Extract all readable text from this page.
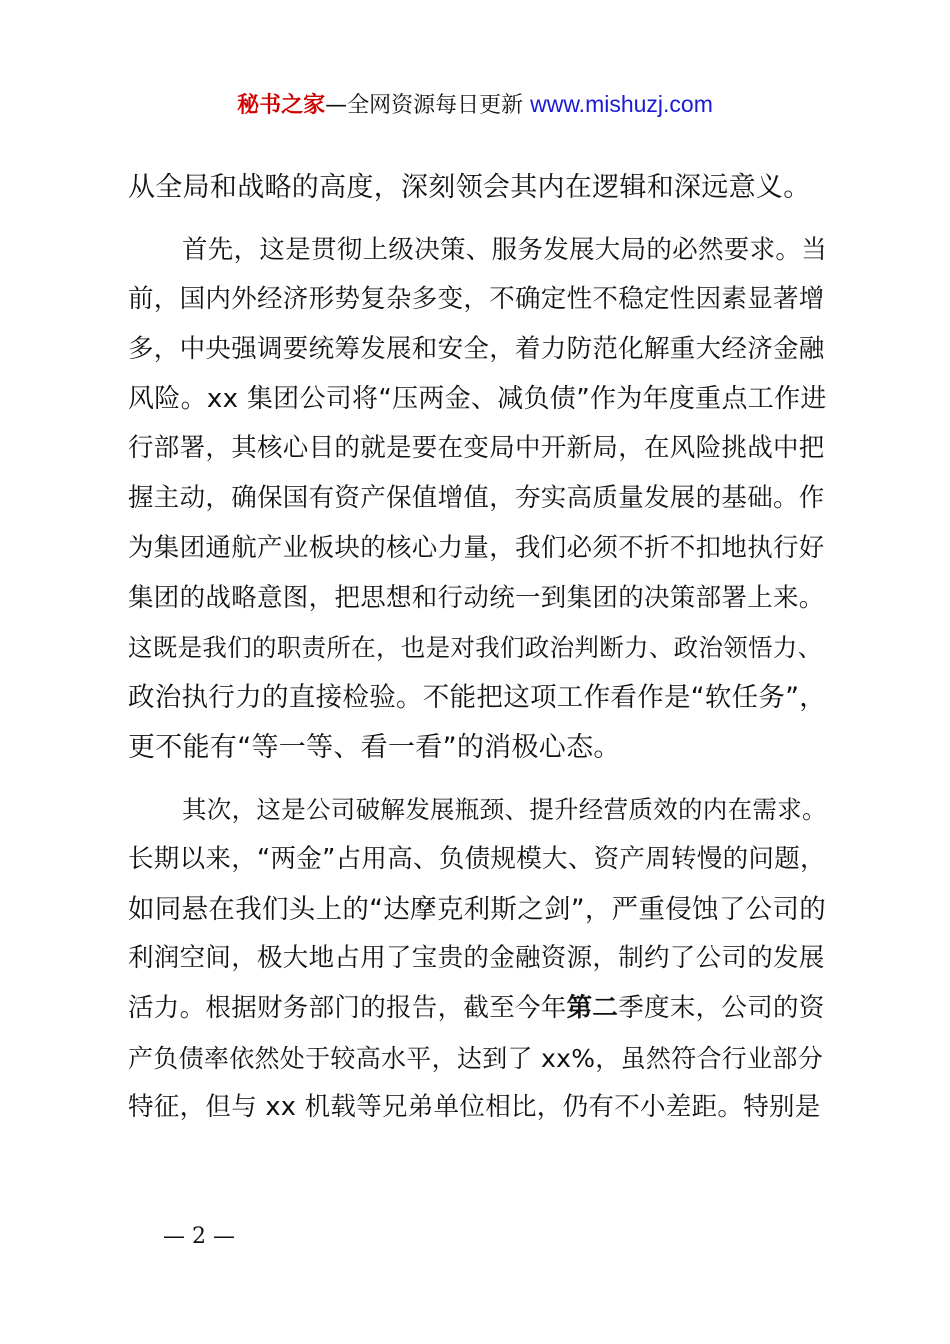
秘书之家—全网资源每日更新 www.mishuzj.com
从全局和战略的高度，深刻领会其内在逻辑和深远意义。
首先，这是贯彻上级决策、服务发展大局的必然要求。当
前，国内外经济形势复杂多变，不确定性不稳定性因素显著增
多，中央强调要统筹发展和安全，着力防范化解重大经济金融
风险。xx 集团公司将“压两金、减负债”作为年度重点工作进
行部署，其核心目的就是要在变局中开新局，在风险挑战中把
握主动，确保国有资产保值增值，夯实高质量发展的基础。作
为集团通航产业板块的核心力量，我们必须不折不扣地执行好
集团的战略意图，把思想和行动统一到集团的决策部署上来。
这既是我们的职责所在，也是对我们政治判断力、政治领悟力、
政治执行力的直接检验。不能把这项工作看作是“软任务”，
更不能有“等一等、看一看”的消极心态。
其次，这是公司破解发展瓶颈、提升经营质效的内在需求。
长期以来，“两金”占用高、负债规模大、资产周转慢的问题，
如同悬在我们头上的“达摩克利斯之剑”，严重侵蚀了公司的
利润空间，极大地占用了宝贵的金融资源，制约了公司的发展
活力。根据财务部门的报告，截至今年第二季度末，公司的资
产负债率依然处于较高水平，达到了 xx%，虽然符合行业部分
特征，但与 xx 机载等兄弟单位相比，仍有不小差距。特别是
— 2 —
